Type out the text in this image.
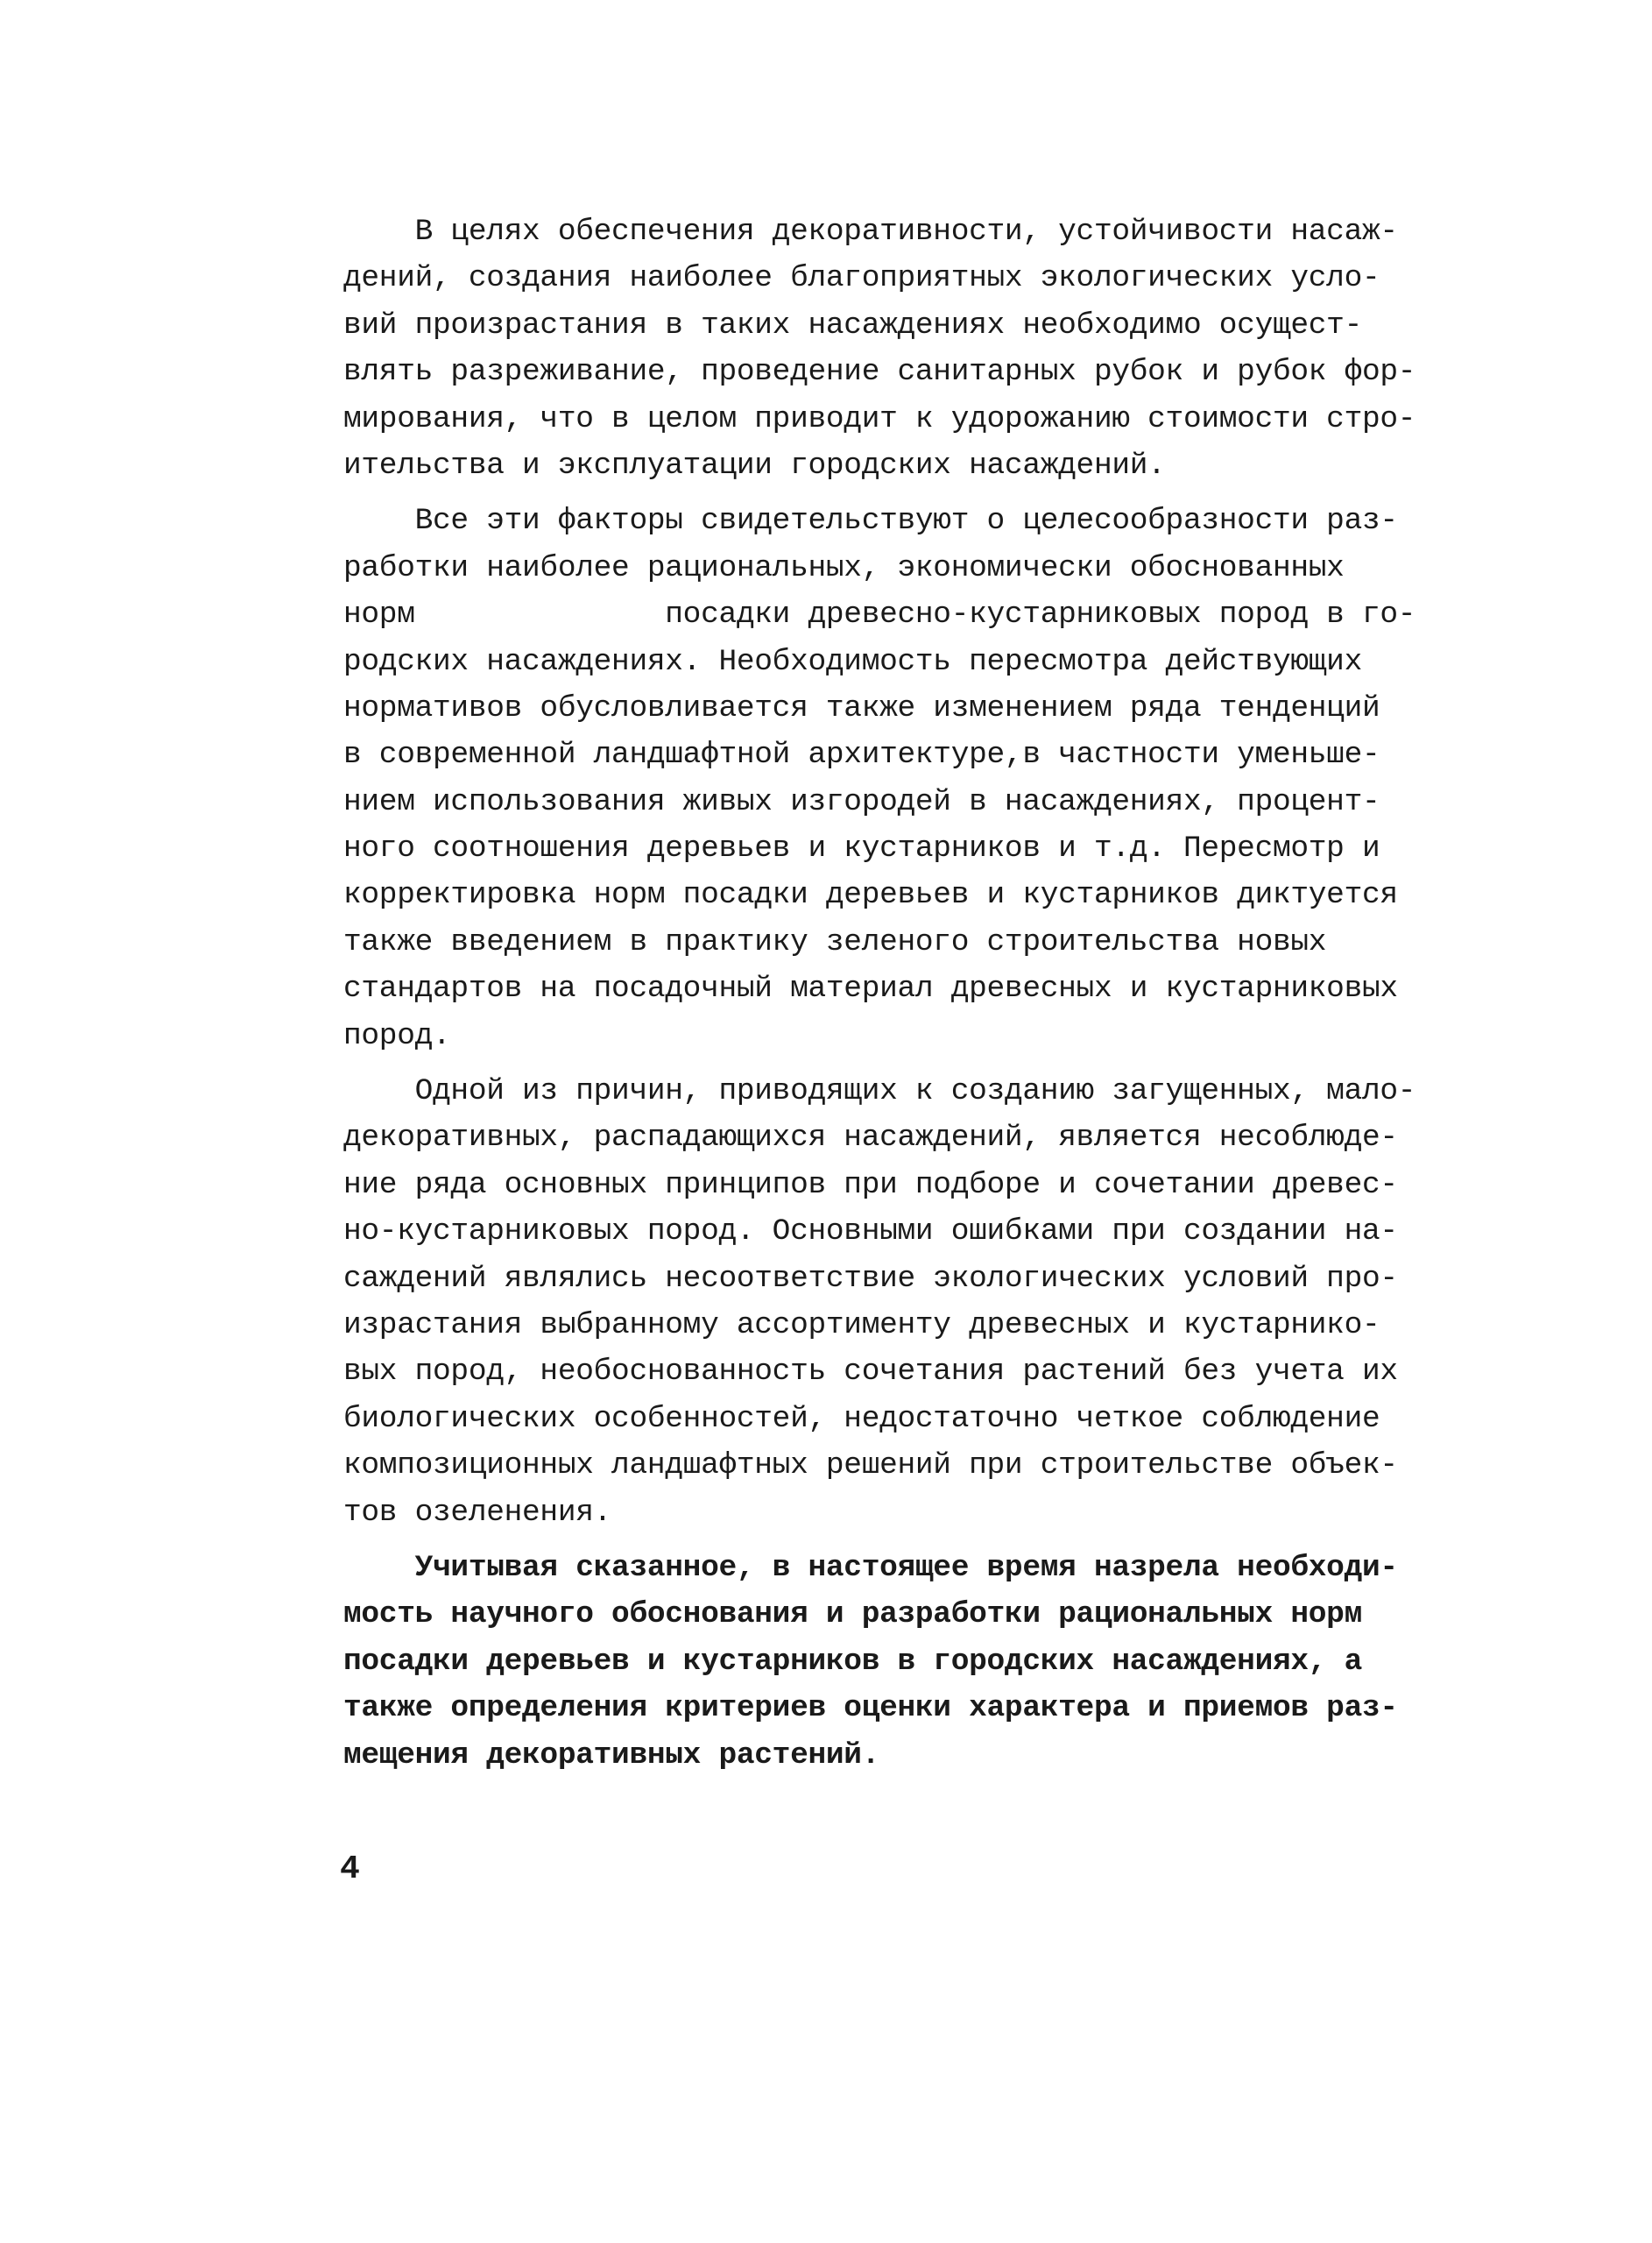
В целях обеспечения декоративности, устойчивости насаж-
дений, создания наиболее благоприятных экологических усло-
вий произрастания в таких насаждениях необходимо осущест-
влять разреживание, проведение санитарных рубок и рубок фор-
мирования, что в целом приводит к удорожанию стоимости стро-
ительства и эксплуатации городских насаждений.
Все эти факторы свидетельствуют о целесообразности раз-
работки наиболее рациональных, экономически обоснованных
норм              посадки древесно-кустарниковых пород в го-
родских насаждениях. Необходимость пересмотра действующих
нормативов обусловливается также изменением ряда тенденций
в современной ландшафтной архитектуре,в частности уменьше-
нием использования живых изгородей в насаждениях, процент-
ного соотношения деревьев и кустарников и т.д. Пересмотр и
корректировка норм посадки деревьев и кустарников диктуется
также введением в практику зеленого строительства новых
стандартов на посадочный материал древесных и кустарниковых
пород.
Одной из причин, приводящих к созданию загущенных, мало-
декоративных, распадающихся насаждений, является несоблюде-
ние ряда основных принципов при подборе и сочетании древес-
но-кустарниковых пород. Основными ошибками при создании на-
саждений являлись несоответствие экологических условий про-
израстания выбранному ассортименту древесных и кустарнико-
вых пород, необоснованность сочетания растений без учета их
биологических особенностей, недостаточно четкое соблюдение
композиционных ландшафтных решений при строительстве объек-
тов озеленения.
Учитывая сказанное, в настоящее время назрела необходи-
мость научного обоснования и разработки рациональных норм
посадки деревьев и кустарников в городских насаждениях, а
также определения критериев оценки характера и приемов раз-
мещения декоративных растений.
4
